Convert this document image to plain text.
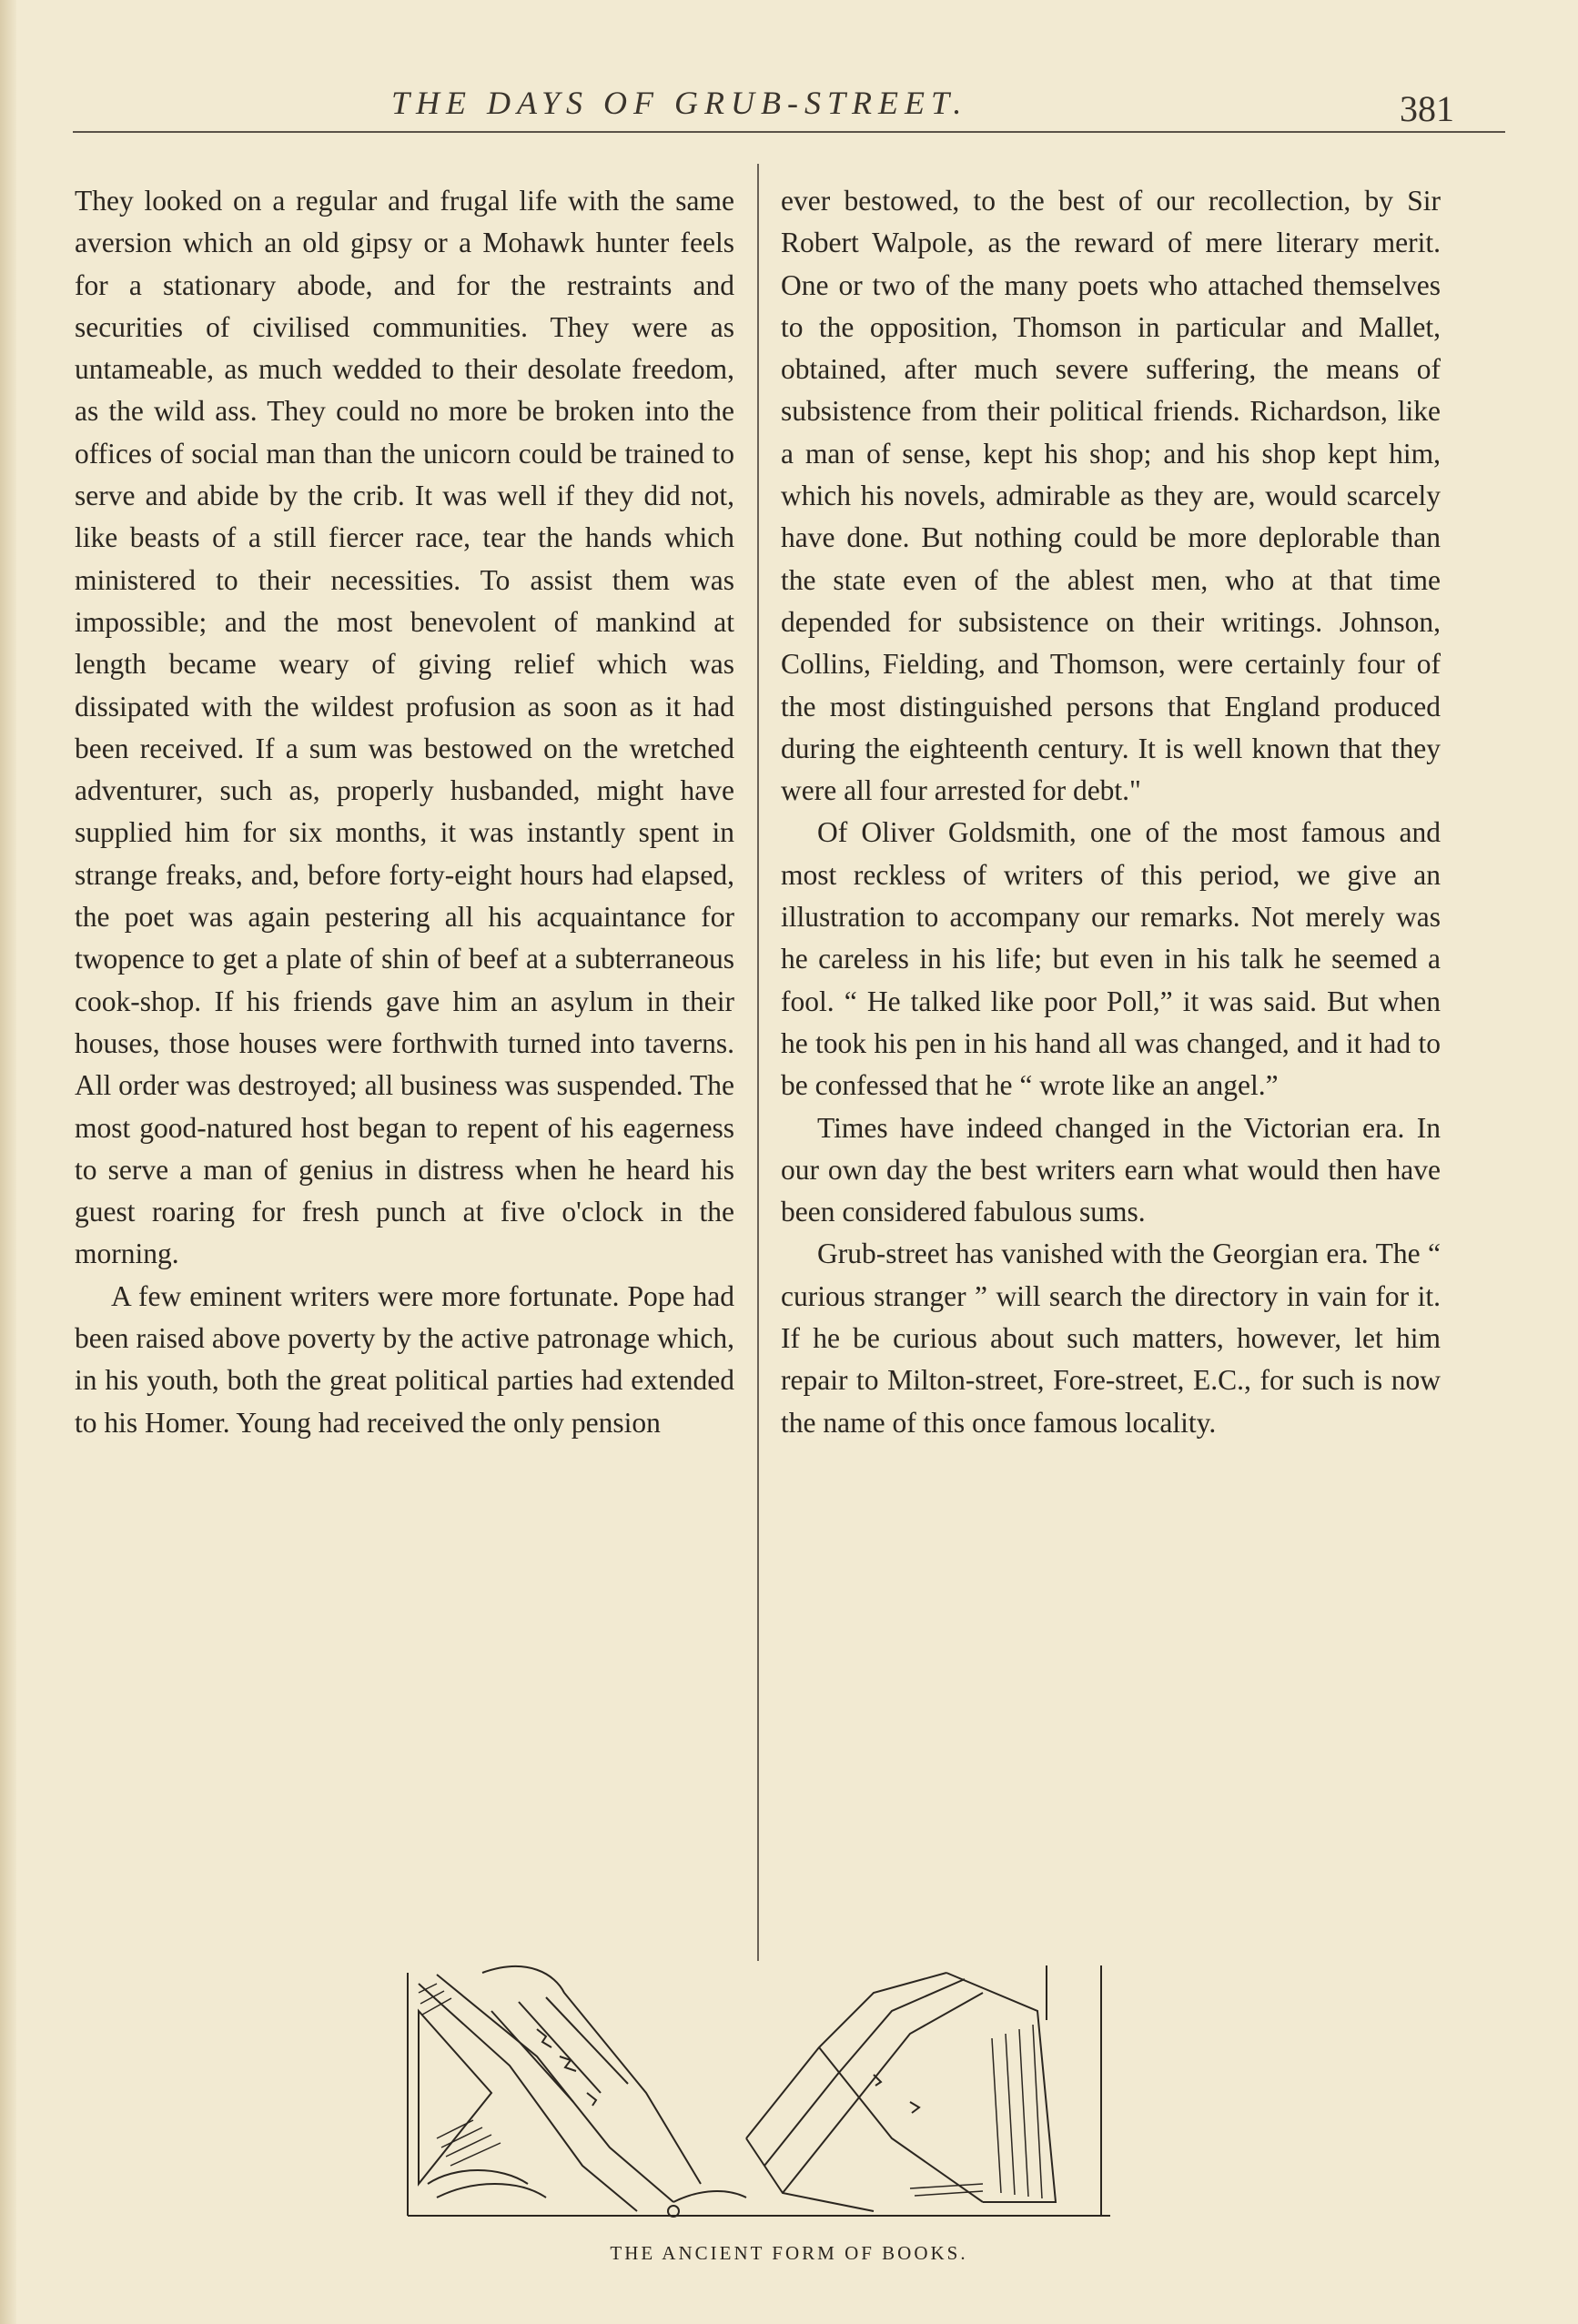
THE DAYS OF GRUB-STREET.	381

They looked on a regular and frugal life with the same aversion which an old gipsy or a Mohawk hunter feels for a stationary abode, and for the restraints and securities of civilised communities. They were as untameable, as much wedded to their desolate freedom, as the wild ass. They could no more be broken into the offices of social man than the unicorn could be trained to serve and abide by the crib. It was well if they did not, like beasts of a still fiercer race, tear the hands which ministered to their necessities. To assist them was impossible; and the most benevolent of mankind at length became weary of giving relief which was dissipated with the wildest profusion as soon as it had been received. If a sum was bestowed on the wretched adventurer, such as, properly husbanded, might have supplied him for six months, it was instantly spent in strange freaks, and, before forty-eight hours had elapsed, the poet was again pestering all his acquaintance for twopence to get a plate of shin of beef at a subterraneous cook-shop. If his friends gave him an asylum in their houses, those houses were forthwith turned into taverns. All order was destroyed; all business was suspended. The most good-natured host began to repent of his eagerness to serve a man of genius in distress when he heard his guest roaring for fresh punch at five o'clock in the morning.

A few eminent writers were more fortunate. Pope had been raised above poverty by the active patronage which, in his youth, both the great political parties had extended to his Homer. Young had received the only pension

ever bestowed, to the best of our recollection, by Sir Robert Walpole, as the reward of mere literary merit. One or two of the many poets who attached themselves to the opposition, Thomson in particular and Mallet, obtained, after much severe suffering, the means of subsistence from their political friends. Richardson, like a man of sense, kept his shop; and his shop kept him, which his novels, admirable as they are, would scarcely have done. But nothing could be more deplorable than the state even of the ablest men, who at that time depended for subsistence on their writings. Johnson, Collins, Fielding, and Thomson, were certainly four of the most distinguished persons that England produced during the eighteenth century. It is well known that they were all four arrested for debt."

Of Oliver Goldsmith, one of the most famous and most reckless of writers of this period, we give an illustration to accompany our remarks. Not merely was he careless in his life; but even in his talk he seemed a fool. “ He talked like poor Poll,” it was said. But when he took his pen in his hand all was changed, and it had to be confessed that he “ wrote like an angel.”

Times have indeed changed in the Victorian era. In our own day the best writers earn what would then have been considered fabulous sums.

Grub-street has vanished with the Georgian era. The “ curious stranger ” will search the directory in vain for it. If he be curious about such matters, however, let him repair to Milton-street, Fore-street, E.C., for such is now the name of this once famous locality.

THE ANCIENT FORM OF BOOKS.
